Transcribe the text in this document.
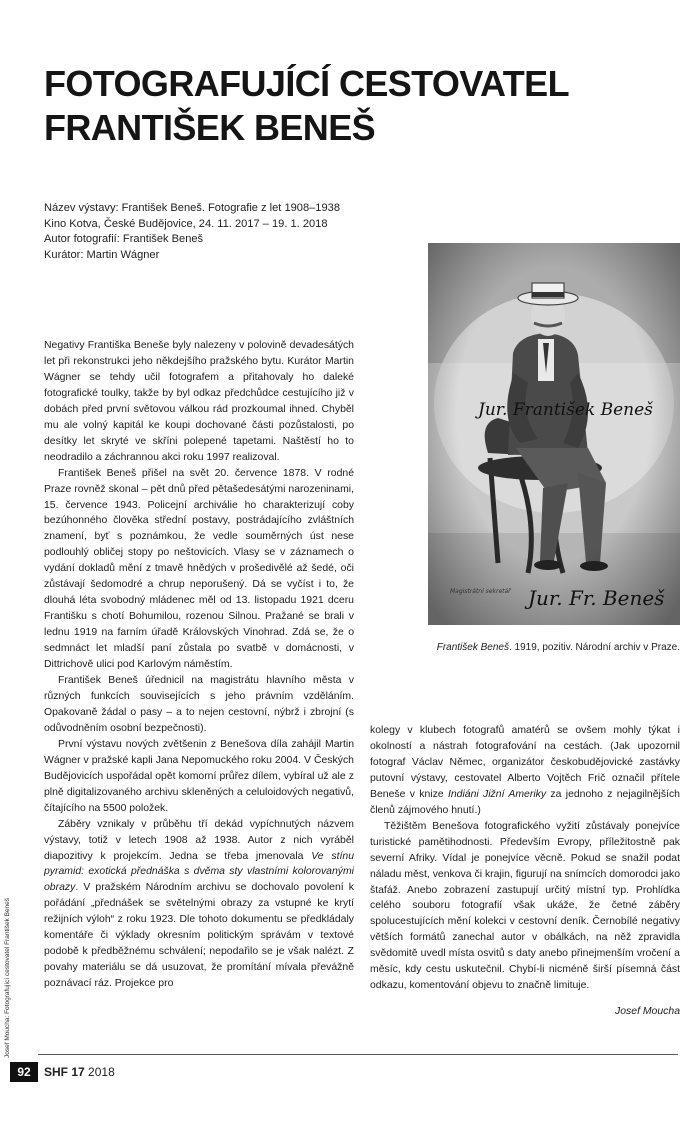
FOTOGRAFUJÍCÍ CESTOVATEL
FRANTIŠEK BENEŠ
Název výstavy: František Beneš. Fotografie z let 1908–1938
Kino Kotva, České Budějovice, 24. 11. 2017 – 19. 1. 2018
Autor fotografií: František Beneš
Kurátor: Martin Wágner

Negativy Františka Beneše byly nalezeny v polovině devadesátých let při rekonstrukci jeho někdejšího pražského bytu. Kurátor Martin Wágner se tehdy učil fotografem a přitahovaly ho daleké fotografické toulky, takže by byl odkaz předchůdce cestujícího již v dobách před první světovou válkou rád prozkoumal ihned. Chyběl mu ale volný kapitál ke koupi dochované části pozůstalosti, po desítky let skryté ve skříni polepené tapetami. Naštěstí ho to neodradilo a záchrannou akci roku 1997 realizoval.

František Beneš přišel na svět 20. července 1878. V rodné Praze rovněž skonal – pět dnů před pětašedesátými narozeninami, 15. července 1943. Policejní archiválie ho charakterizují coby bezúhonného člověka střední postavy, postrádajícího zvláštních znamení, byť s poznámkou, že vedle souměrných úst nese podlouhlý obličej stopy po neštovicích. Vlasy se v záznamech o vydání dokladů mění z tmavě hnědých v prošedivělé až šedé, oči zůstávají šedomodré a chrup neporušený. Dá se vyčíst i to, že dlouhá léta svobodný mládenec měl od 13. listopadu 1921 dceru Františku s chotí Bohumilou, rozenou Silnou. Pražané se brali v lednu 1919 na farním úřadě Královských Vinohrad. Zdá se, že o sedmnáct let mladší paní zůstala po svatbě v domácnosti, v Dittrichově ulici pod Karlovým náměstím.

František Beneš úřednicil na magistrátu hlavního města v různých funkcích souvisejících s jeho právním vzděláním. Opakovaně žádal o pasy – a to nejen cestovní, nýbrž i zbrojní (s odůvodněním osobní bezpečnosti).

První výstavu nových zvětšenin z Benešova díla zahájil Martin Wágner v pražské kapli Jana Nepomuckého roku 2004. V Českých Budějovicích uspořádal opět komorní průřez dílem, vybíral už ale z plně digitalizovaného archivu skleněných a celuloidových negativů, čítajícího na 5500 položek.

Záběry vznikaly v průběhu tří dekád vypíchnutých názvem výstavy, totiž v letech 1908 až 1938. Autor z nich vyráběl diapozitivy k projekcím. Jedna se třeba jmenovala Ve stínu pyramid: exotická přednáška s dvěma sty vlastními kolorovanými obrazy. V pražském Národním archivu se dochovalo povolení k pořádání „přednášek se světelnými obrazy za vstupné ke krytí režijních výloh“ z roku 1923. Dle tohoto dokumentu se předkládaly komentáře či výklady okresním politickým správám v textové podobě k předběžnému schválení; nepodařilo se je však nalézt. Z povahy materiálu se dá usuzovat, že promítání mívala převážně poznávací ráz. Projekce pro

Jur. František Beneš
Jur. Fr. Beneš
Magistrátní sekretář
František Beneš. 1919, pozitiv. Národní archiv v Praze.

kolegy v klubech fotografů amatérů se ovšem mohly týkat i okolností a nástrah fotografování na cestách. (Jak upozornil fotograf Václav Němec, organizátor českobudějovické zastávky putovní výstavy, cestovatel Alberto Vojtěch Frič označil přítele Beneše v knize Indiáni Jižní Ameriky za jednoho z nejagilnějších členů zájmového hnutí.)

Těžištěm Benešova fotografického vyžití zůstávaly ponejvíce turistické pamětihodnosti. Především Evropy, příležitostně pak severní Afriky. Vídal je ponejvíce věcně. Pokud se snažil podat náladu měst, venkova či krajin, figurují na snímcích domorodci jako štafáž. Anebo zobrazení zastupují určitý místní typ. Prohlídka celého souboru fotografií však ukáže, že četné záběry spolucestujících mění kolekci v cestovní deník. Černobílé negativy větších formátů zanechal autor v obálkách, na něž zpravidla svědomitě uvedl místa osvitů s daty anebo přinejmenším vročení a měsíc, kdy cestu uskutečnil. Chybí-li nicméně širší písemná část odkazu, komentování objevu to značně limituje.

Josef Moucha
Josef Moucha: Fotografující cestovatel František Beneš
92	SHF 17 2018
